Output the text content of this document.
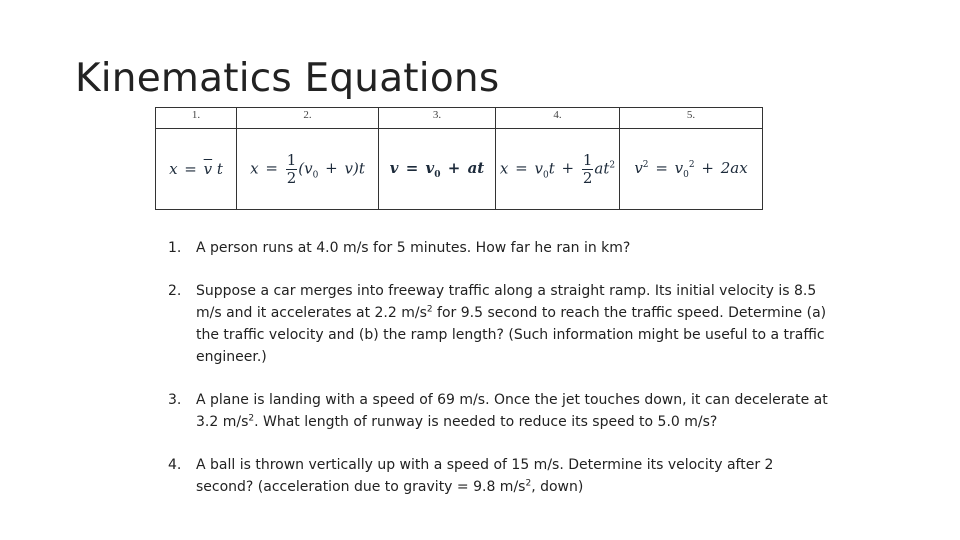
Kinematics Equations
1.	2.	3.	4.	5.
$x = \overline{v}$ t	$x = \frac{1}{2} (v_0 + v)t$	$v = v_0$ + at	$x = v_0t + \frac{1}{2} at^2$	$v^2 = v_0^2 + 2ax$
1.	A person runs at 4.0 m/s for 5 minutes. How far he ran in km?
2.	Suppose a car merges into freeway traffic along a straight ramp. Its initial velocity is 8.5 m/s and it accelerates at 2.2 $m/s^2$ for 9.5 second to reach the traffic speed. Determine (a) the traffic velocity and (b) the ramp length? (Such information might be useful to a traffic engineer.)
3.	A plane is landing with a speed of 69 m/s. Once the jet touches down, it can decelerate at 3.2 $m/s^2$. What length of runway is needed to reduce its speed to 5.0 m/s?
4.	A ball is thrown vertically up with a speed of 15 m/s. Determine its velocity after 2 second? (acceleration due to gravity = 9.8 $m/s^2$, down)
